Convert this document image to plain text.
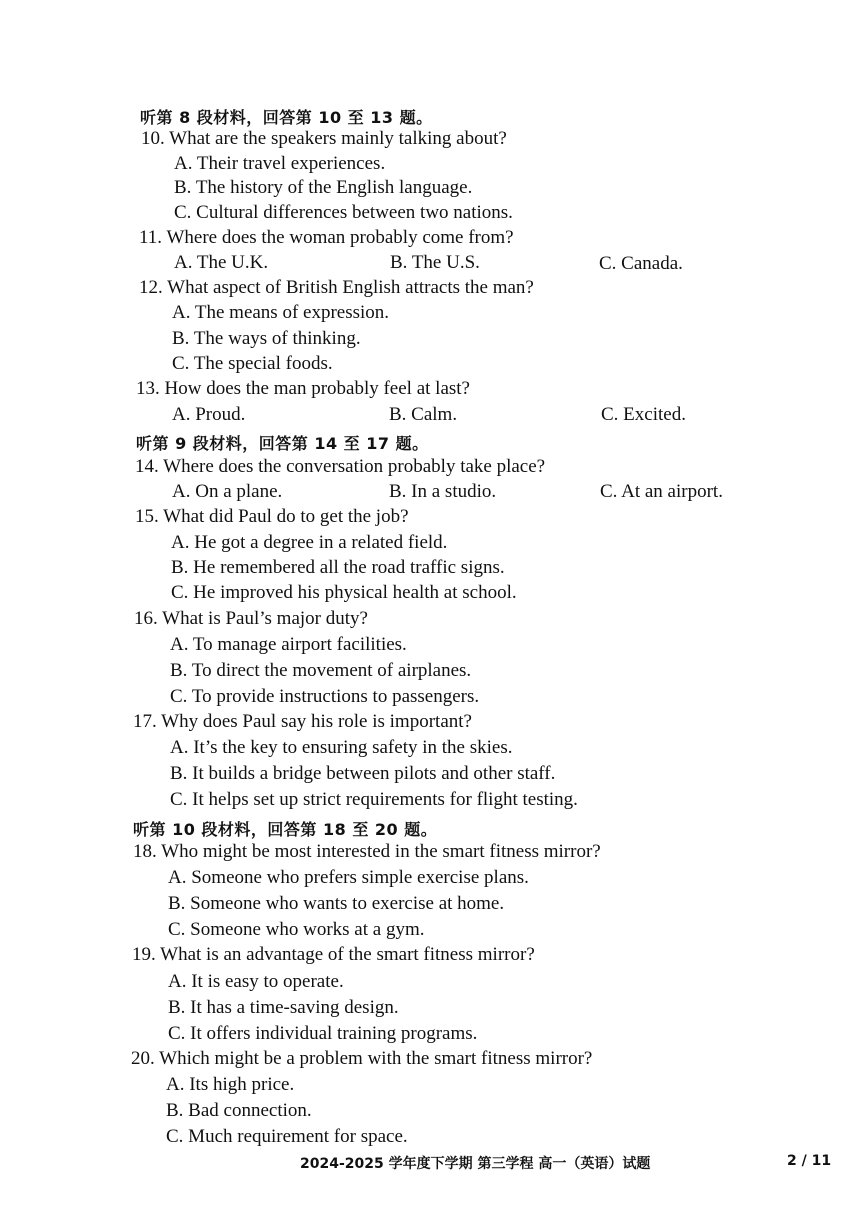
听第 8 段材料，回答第 10 至 13 题。
10. What are the speakers mainly talking about?
A. Their travel experiences.
B. The history of the English language.
C. Cultural differences between two nations.
11. Where does the woman probably come from?
A. The U.K.	B. The U.S.	C. Canada.
12. What aspect of British English attracts the man?
A. The means of expression.
B. The ways of thinking.
C. The special foods.
13. How does the man probably feel at last?
A. Proud.	B. Calm.	C. Excited.
听第 9 段材料，回答第 14 至 17 题。
14. Where does the conversation probably take place?
A. On a plane.	B. In a studio.	C. At an airport.
15. What did Paul do to get the job?
A. He got a degree in a related field.
B. He remembered all the road traffic signs.
C. He improved his physical health at school.
16. What is Paul’s major duty?
A. To manage airport facilities.
B. To direct the movement of airplanes.
C. To provide instructions to passengers.
17. Why does Paul say his role is important?
A. It’s the key to ensuring safety in the skies.
B. It builds a bridge between pilots and other staff.
C. It helps set up strict requirements for flight testing.
听第 10 段材料，回答第 18 至 20 题。
18. Who might be most interested in the smart fitness mirror?
A. Someone who prefers simple exercise plans.
B. Someone who wants to exercise at home.
C. Someone who works at a gym.
19. What is an advantage of the smart fitness mirror?
A. It is easy to operate.
B. It has a time-saving design.
C. It offers individual training programs.
20. Which might be a problem with the smart fitness mirror?
A. Its high price.
B. Bad connection.
C. Much requirement for space.
2024-2025 学年度下学期 第三学程 高一（英语）试题	2 / 11
